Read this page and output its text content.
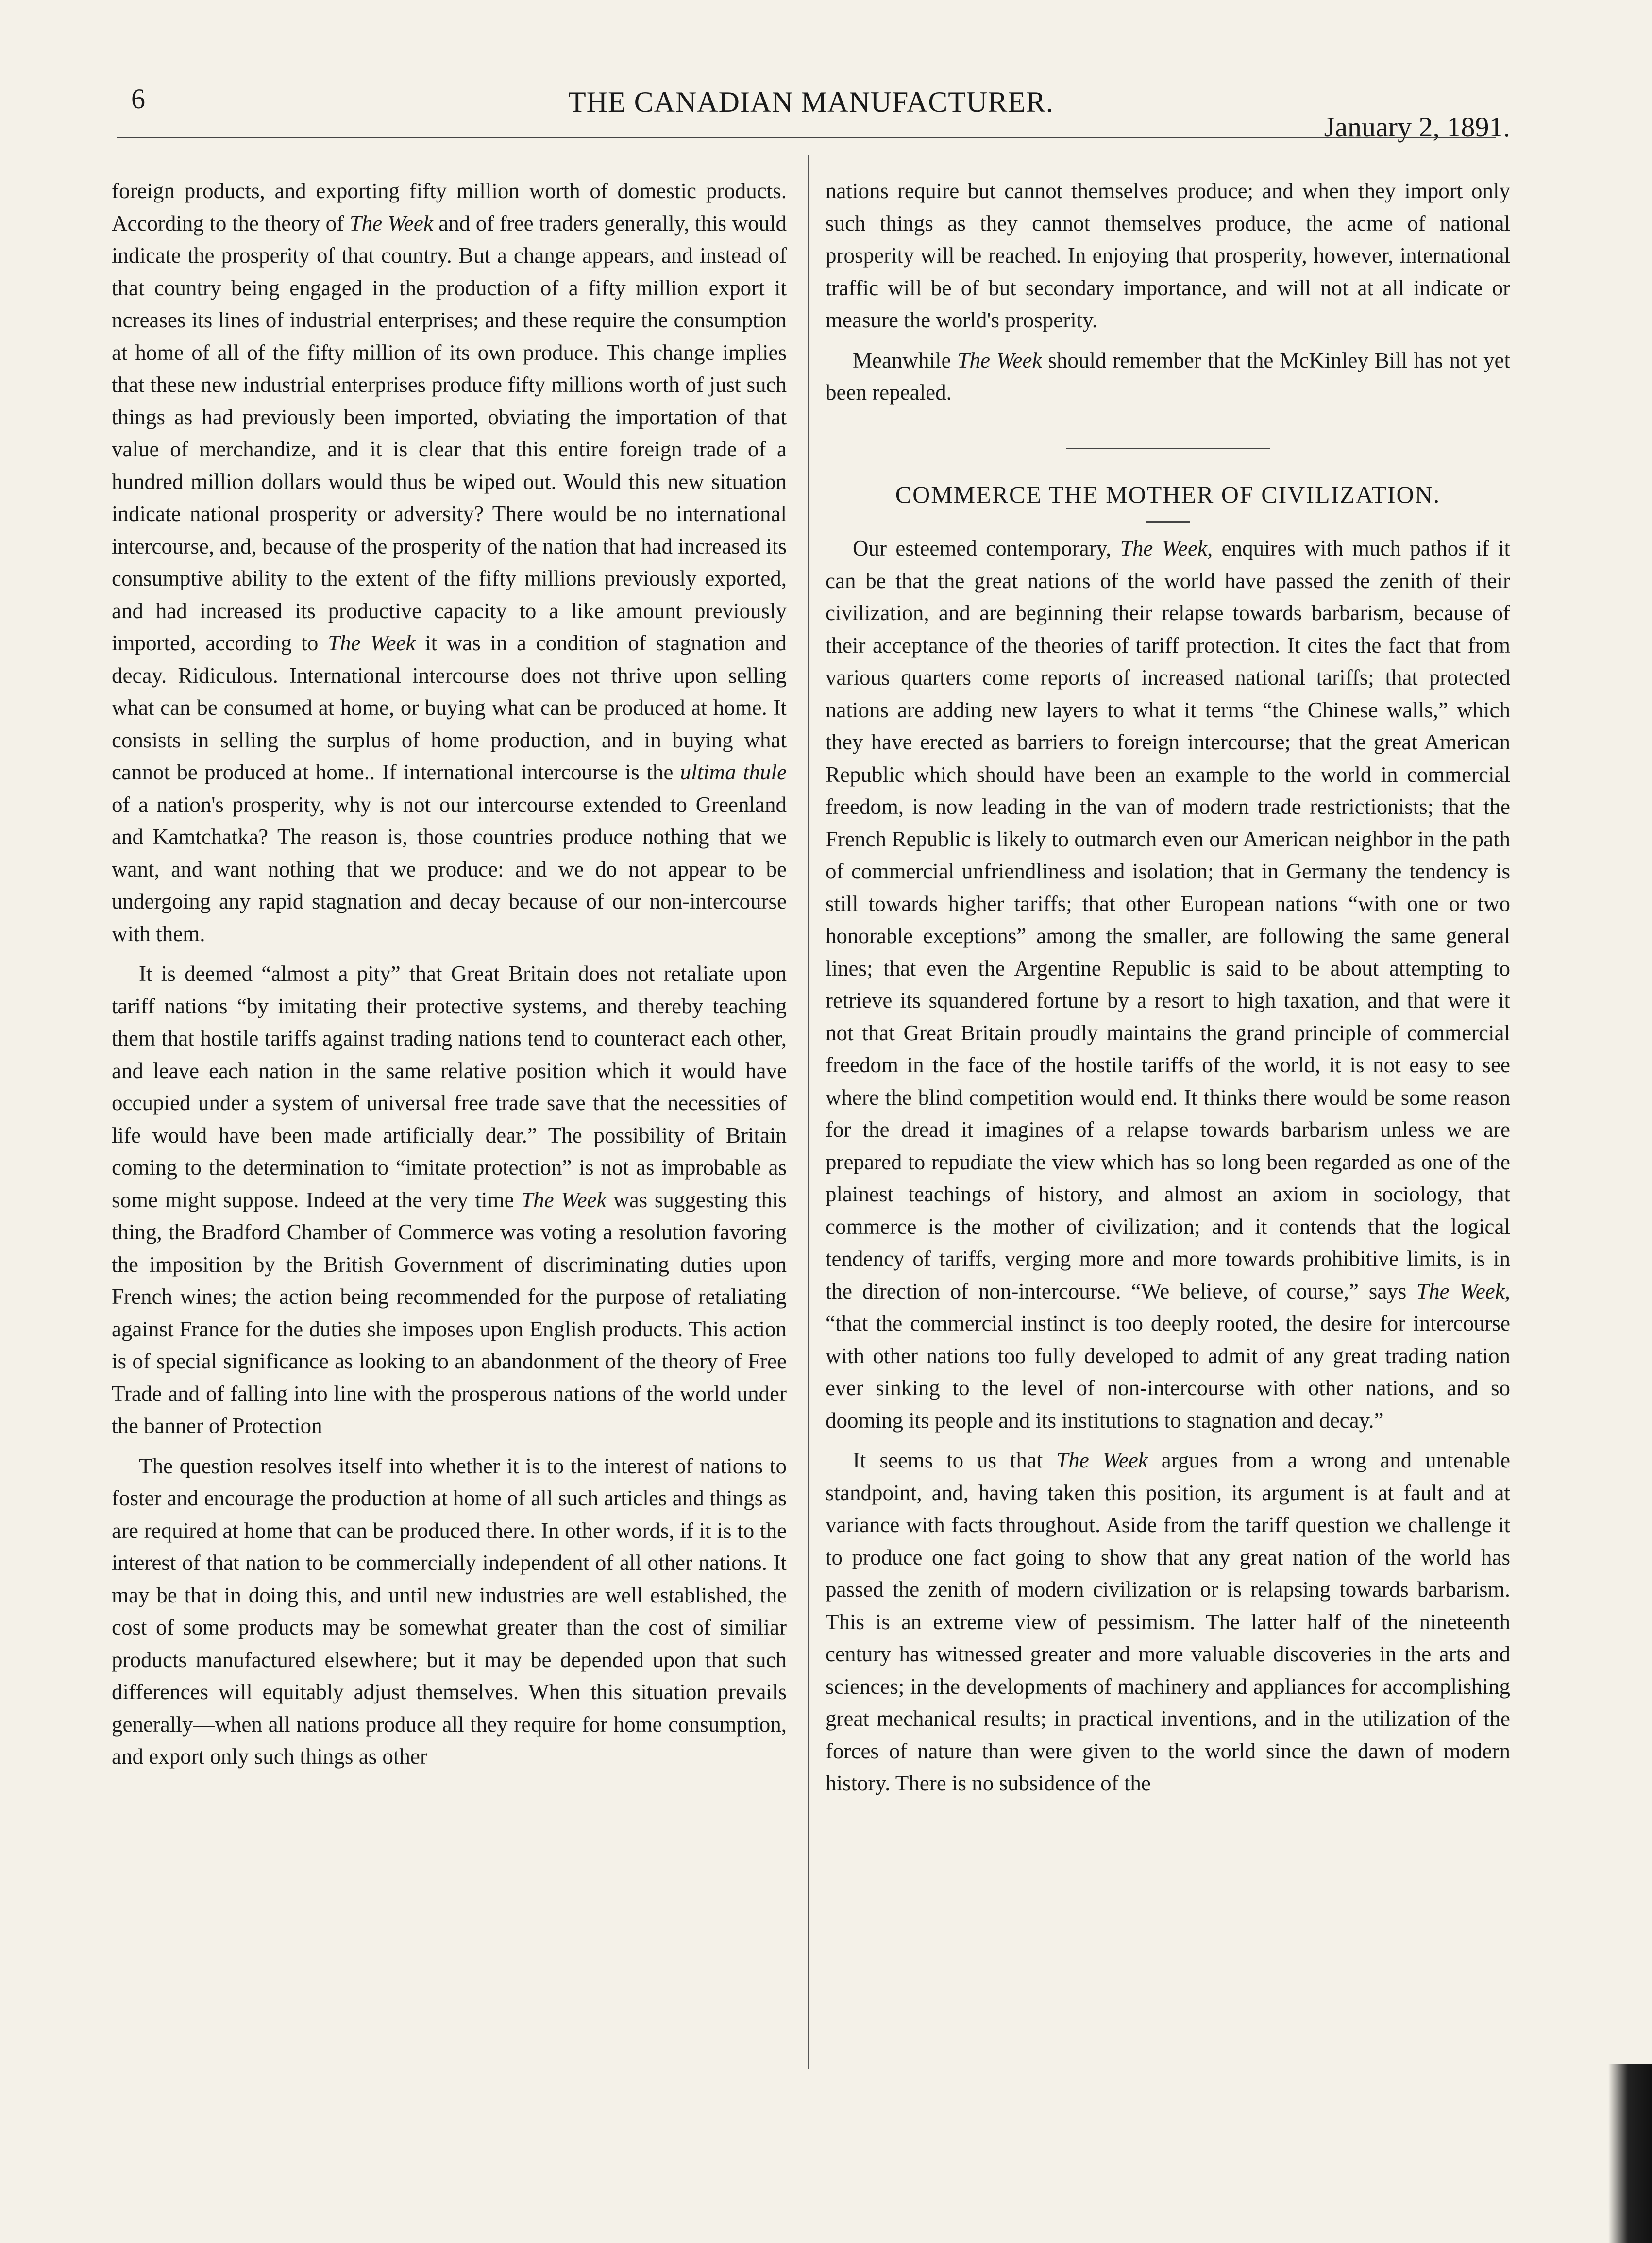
6	THE CANADIAN MANUFACTURER.
January 2, 1891.

foreign products, and exporting fifty million worth of domestic products. According to the theory of The Week and of free traders generally, this would indicate the prosperity of that country. But a change appears, and instead of that country being engaged in the production of a fifty million export it ncreases its lines of industrial enterprises; and these require the consumption at home of all of the fifty million of its own produce. This change implies that these new industrial enterprises produce fifty millions worth of just such things as had previously been imported, obviating the importation of that value of merchandize, and it is clear that this entire foreign trade of a hundred million dollars would thus be wiped out. Would this new situation indicate national prosperity or adversity? There would be no international intercourse, and, because of the prosperity of the nation that had increased its consumptive ability to the extent of the fifty millions previously exported, and had increased its productive capacity to a like amount previously imported, according to The Week it was in a condition of stagnation and decay. Ridiculous. International intercourse does not thrive upon selling what can be consumed at home, or buying what can be produced at home. It consists in selling the surplus of home production, and in buying what cannot be produced at home.. If international intercourse is the ultima thule of a nation's prosperity, why is not our intercourse extended to Greenland and Kamtchatka? The reason is, those countries produce nothing that we want, and want nothing that we produce: and we do not appear to be undergoing any rapid stagnation and decay because of our non-intercourse with them.

It is deemed “almost a pity” that Great Britain does not retaliate upon tariff nations “by imitating their protective systems, and thereby teaching them that hostile tariffs against trading nations tend to counteract each other, and leave each nation in the same relative position which it would have occupied under a system of universal free trade save that the necessities of life would have been made artificially dear.” The possibility of Britain coming to the determination to “imitate protection” is not as improbable as some might suppose. Indeed at the very time The Week was suggesting this thing, the Bradford Chamber of Commerce was voting a resolution favoring the imposition by the British Government of discriminating duties upon French wines; the action being recommended for the purpose of retaliating against France for the duties she imposes upon English products. This action is of special significance as looking to an abandonment of the theory of Free Trade and of falling into line with the prosperous nations of the world under the banner of Protection

The question resolves itself into whether it is to the interest of nations to foster and encourage the production at home of all such articles and things as are required at home that can be produced there. In other words, if it is to the interest of that nation to be commercially independent of all other nations. It may be that in doing this, and until new industries are well established, the cost of some products may be somewhat greater than the cost of similiar products manufactured elsewhere; but it may be depended upon that such differences will equitably adjust themselves. When this situation prevails generally—when all nations produce all they require for home consumption, and export only such things as other

nations require but cannot themselves produce; and when they import only such things as they cannot themselves produce, the acme of national prosperity will be reached. In enjoying that prosperity, however, international traffic will be of but secondary importance, and will not at all indicate or measure the world's prosperity.

Meanwhile The Week should remember that the McKinley Bill has not yet been repealed.

COMMERCE THE MOTHER OF CIVILIZATION.

Our esteemed contemporary, The Week, enquires with much pathos if it can be that the great nations of the world have passed the zenith of their civilization, and are beginning their relapse towards barbarism, because of their acceptance of the theories of tariff protection. It cites the fact that from various quarters come reports of increased national tariffs; that protected nations are adding new layers to what it terms “the Chinese walls,” which they have erected as barriers to foreign intercourse; that the great American Republic which should have been an example to the world in commercial freedom, is now leading in the van of modern trade restrictionists; that the French Republic is likely to outmarch even our American neighbor in the path of commercial unfriendliness and isolation; that in Germany the tendency is still towards higher tariffs; that other European nations “with one or two honorable exceptions” among the smaller, are following the same general lines; that even the Argentine Republic is said to be about attempting to retrieve its squandered fortune by a resort to high taxation, and that were it not that Great Britain proudly maintains the grand principle of commercial freedom in the face of the hostile tariffs of the world, it is not easy to see where the blind competition would end. It thinks there would be some reason for the dread it imagines of a relapse towards barbarism unless we are prepared to repudiate the view which has so long been regarded as one of the plainest teachings of history, and almost an axiom in sociology, that commerce is the mother of civilization; and it contends that the logical tendency of tariffs, verging more and more towards prohibitive limits, is in the direction of non-intercourse. “We believe, of course,” says The Week, “that the commercial instinct is too deeply rooted, the desire for intercourse with other nations too fully developed to admit of any great trading nation ever sinking to the level of non-intercourse with other nations, and so dooming its people and its institutions to stagnation and decay.”

It seems to us that The Week argues from a wrong and untenable standpoint, and, having taken this position, its argument is at fault and at variance with facts throughout. Aside from the tariff question we challenge it to produce one fact going to show that any great nation of the world has passed the zenith of modern civilization or is relapsing towards barbarism. This is an extreme view of pessimism. The latter half of the nineteenth century has witnessed greater and more valuable discoveries in the arts and sciences; in the developments of machinery and appliances for accomplishing great mechanical results; in practical inventions, and in the utilization of the forces of nature than were given to the world since the dawn of modern history. There is no subsidence of the
